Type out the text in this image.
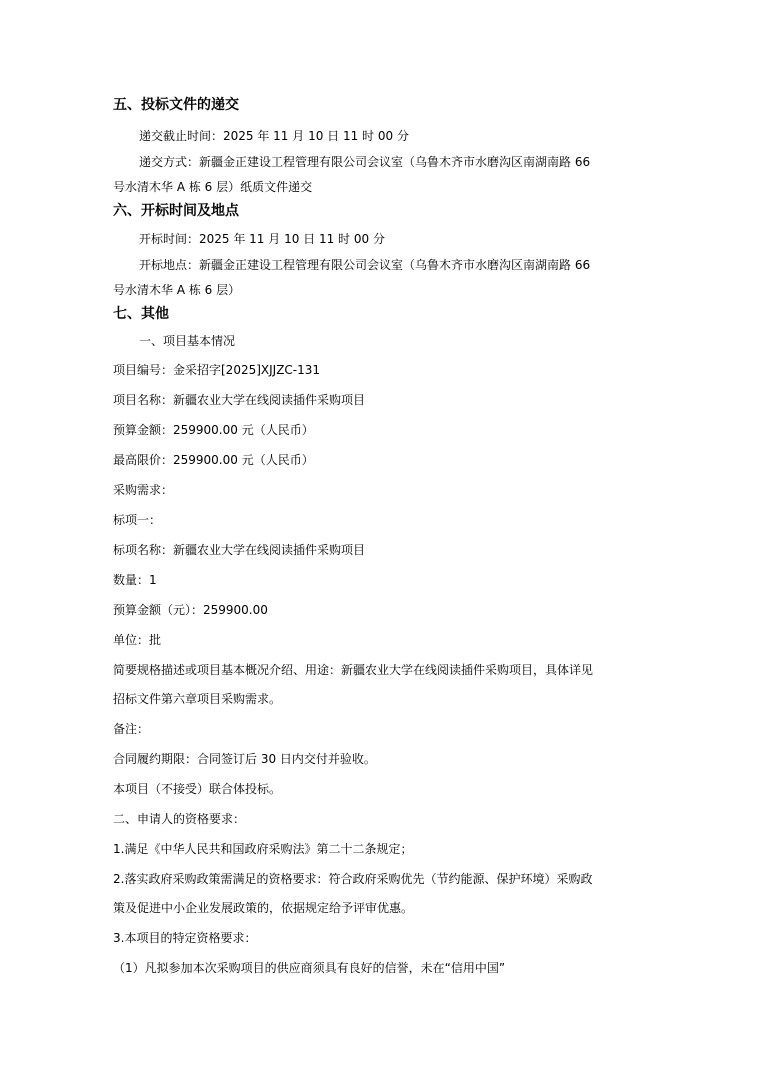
五、投标文件的递交
递交截止时间：2025 年 11 月 10 日 11 时 00 分
递交方式：新疆金正建设工程管理有限公司会议室（乌鲁木齐市水磨沟区南湖南路 66
号水清木华 A 栋 6 层）纸质文件递交
六、开标时间及地点
开标时间：2025 年 11 月 10 日 11 时 00 分
开标地点：新疆金正建设工程管理有限公司会议室（乌鲁木齐市水磨沟区南湖南路 66
号水清木华 A 栋 6 层）
七、其他
一、项目基本情况
项目编号：金采招字[2025]XJJZC-131
项目名称：新疆农业大学在线阅读插件采购项目
预算金额：259900.00 元（人民币）
最高限价：259900.00 元（人民币）
采购需求：
标项一：
标项名称：新疆农业大学在线阅读插件采购项目
数量：1
预算金额（元）：259900.00
单位：批
简要规格描述或项目基本概况介绍、用途：新疆农业大学在线阅读插件采购项目，具体详见
招标文件第六章项目采购需求。
备注：
合同履约期限：合同签订后 30 日内交付并验收。
本项目（不接受）联合体投标。
二、申请人的资格要求：
1.满足《中华人民共和国政府采购法》第二十二条规定；
2.落实政府采购政策需满足的资格要求：符合政府采购优先（节约能源、保护环境）采购政
策及促进中小企业发展政策的，依据规定给予评审优惠。
3.本项目的特定资格要求：
（1）凡拟参加本次采购项目的供应商须具有良好的信誉，未在“信用中国”
